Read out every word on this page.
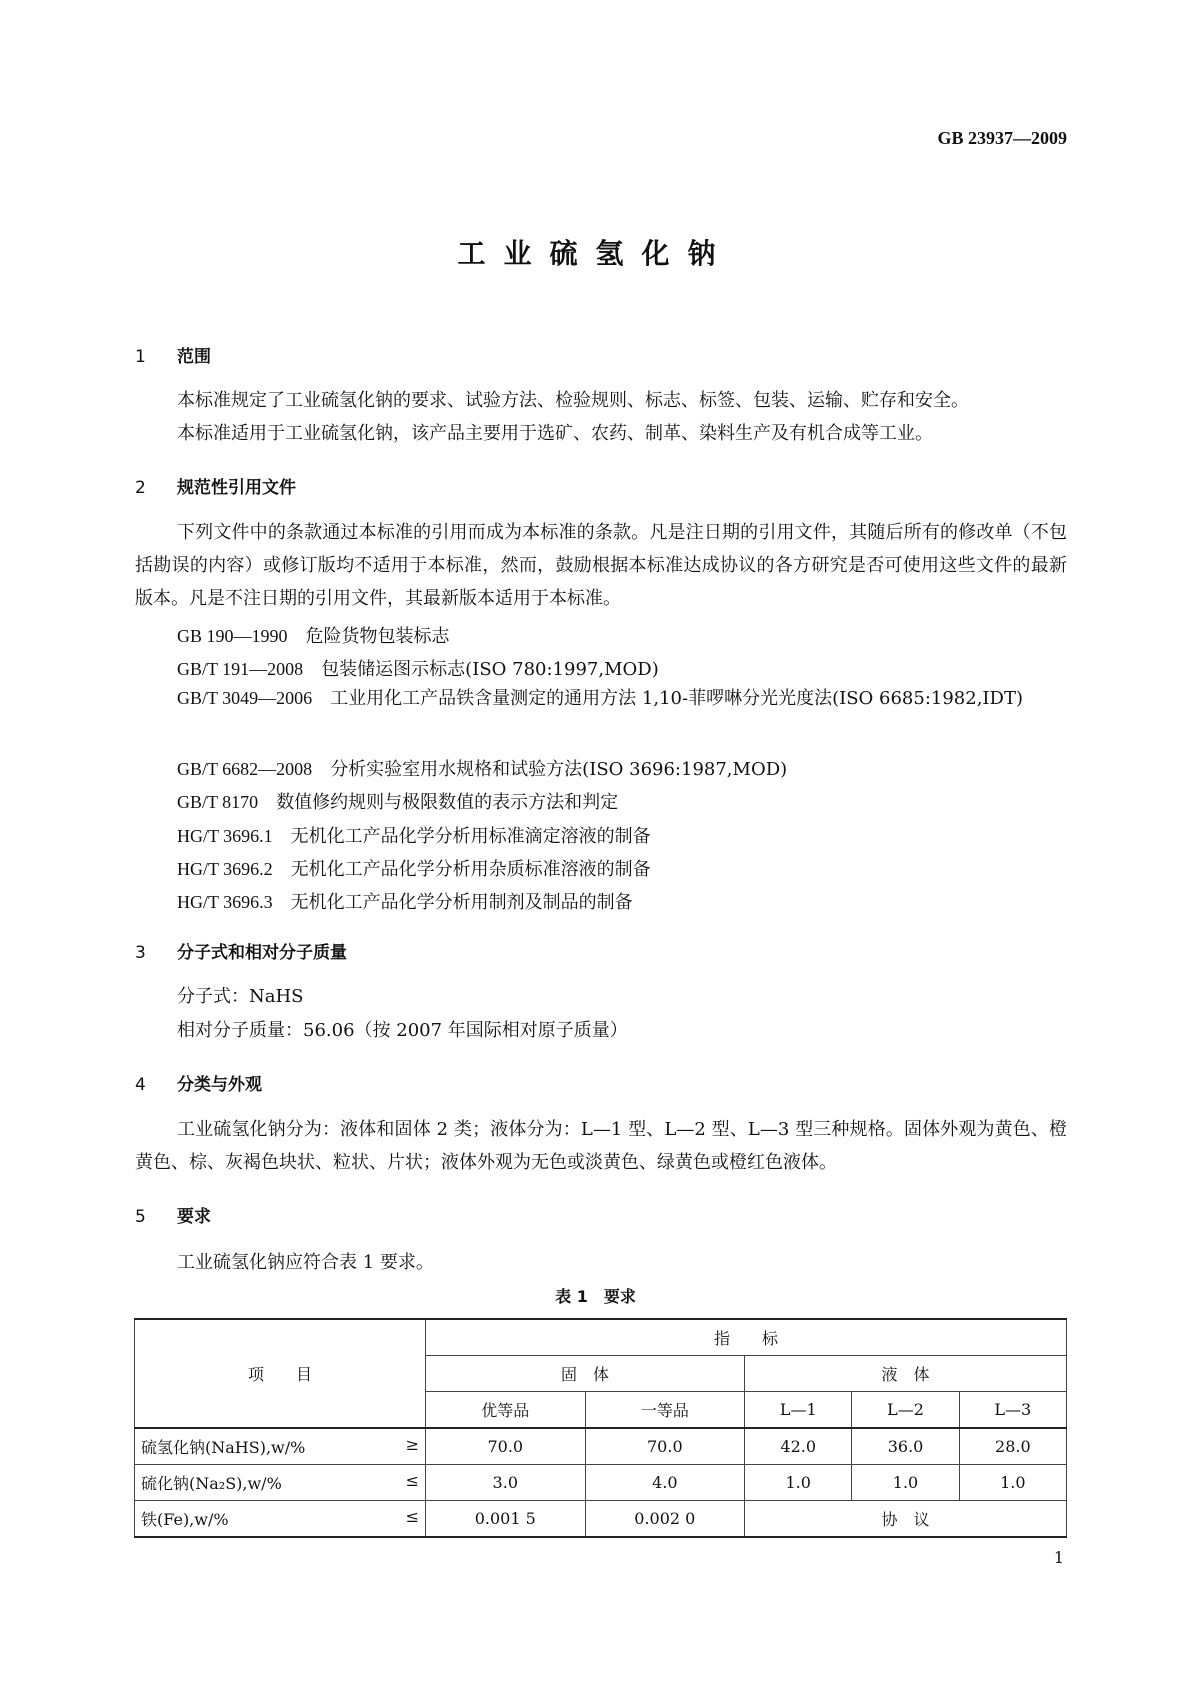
GB 23937—2009
工业硫氢化钠
1 范围
本标准规定了工业硫氢化钠的要求、试验方法、检验规则、标志、标签、包装、运输、贮存和安全。
本标准适用于工业硫氢化钠，该产品主要用于选矿、农药、制革、染料生产及有机合成等工业。
2 规范性引用文件
下列文件中的条款通过本标准的引用而成为本标准的条款。凡是注日期的引用文件，其随后所有的修改单（不包括勘误的内容）或修订版均不适用于本标准，然而，鼓励根据本标准达成协议的各方研究是否可使用这些文件的最新版本。凡是不注日期的引用文件，其最新版本适用于本标准。
GB 190—1990 危险货物包装标志
GB/T 191—2008 包装储运图示标志(ISO 780:1997,MOD)
GB/T 3049—2006 工业用化工产品铁含量测定的通用方法 1,10-菲啰啉分光光度法(ISO 6685:1982,IDT)
GB/T 6682—2008 分析实验室用水规格和试验方法(ISO 3696:1987,MOD)
GB/T 8170 数值修约规则与极限数值的表示方法和判定
HG/T 3696.1 无机化工产品化学分析用标准滴定溶液的制备
HG/T 3696.2 无机化工产品化学分析用杂质标准溶液的制备
HG/T 3696.3 无机化工产品化学分析用制剂及制品的制备
3 分子式和相对分子质量
分子式：NaHS
相对分子质量：56.06（按 2007 年国际相对原子质量）
4 分类与外观
工业硫氢化钠分为：液体和固体 2 类；液体分为：L—1 型、L—2 型、L—3 型三种规格。固体外观为黄色、橙黄色、棕、灰褐色块状、粒状、片状；液体外观为无色或淡黄色、绿黄色或橙红色液体。
5 要求
工业硫氢化钠应符合表 1 要求。
表 1　要求
项　　目	指　　标				
	固　体		液　体		
	优等品	一等品	L—1	L—2	L—3
硫氢化钠(NaHS),w/% ≥	70.0	70.0	42.0	36.0	28.0
硫化钠(Na₂S),w/% ≤	3.0	4.0	1.0	1.0	1.0
铁(Fe),w/% ≤	0.001 5	0.002 0	协　议		
1
